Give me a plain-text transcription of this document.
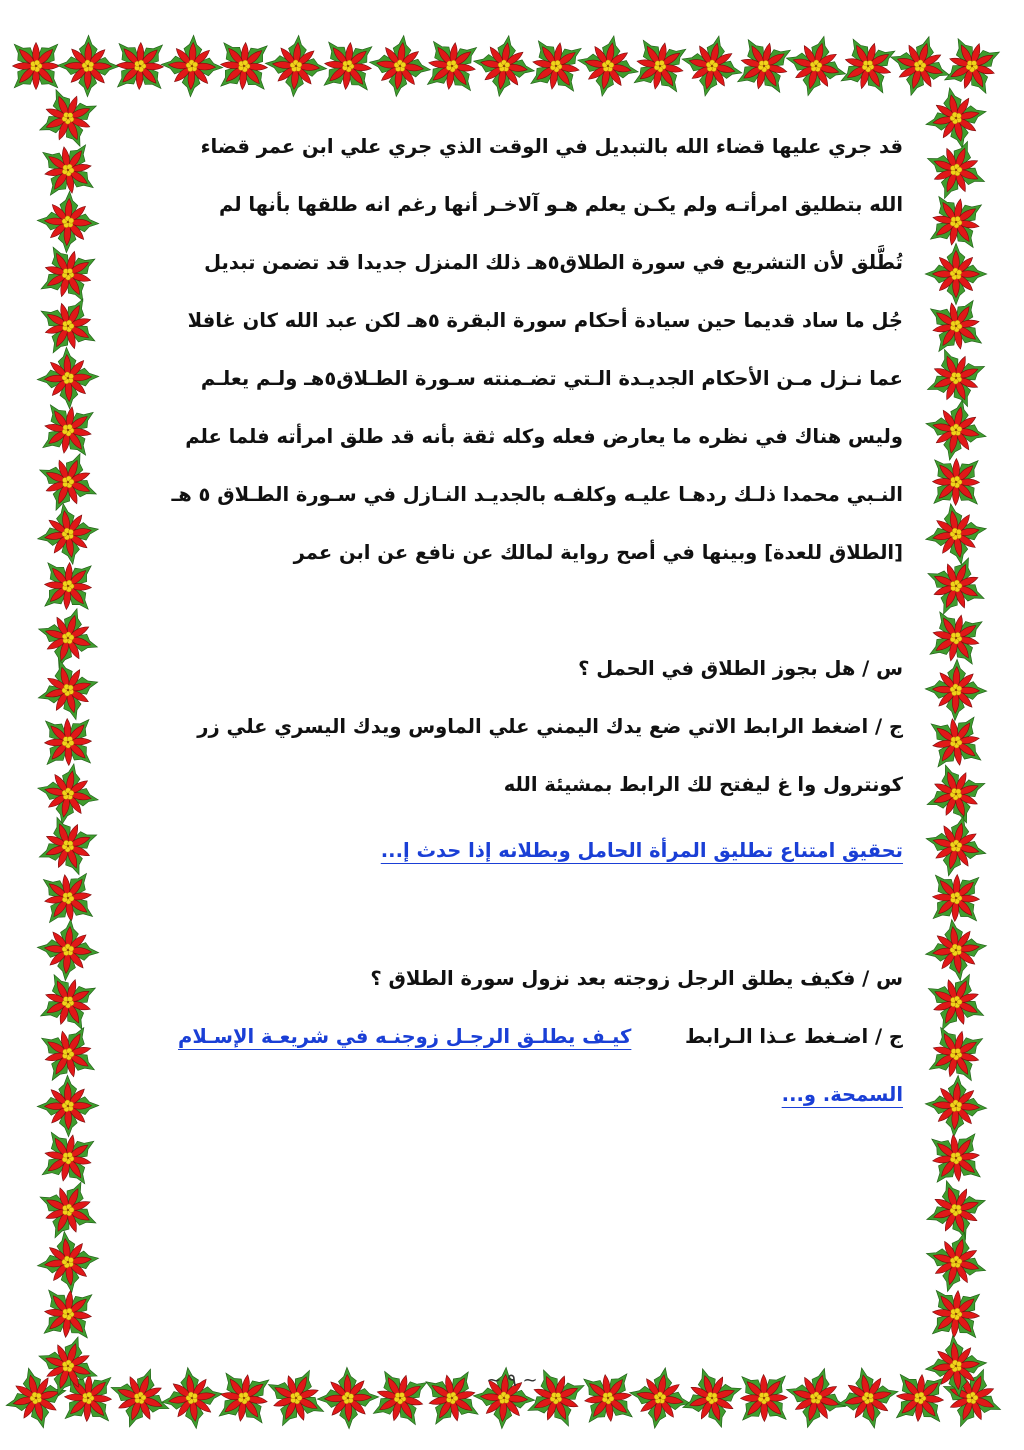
قد جري عليها قضاء الله بالتبديل في الوقت الذي جري علي ابن عمر قضاء
الله بتطليق امرأتـه ولم يكـن يعلم هـو آلاخـر أنها رغم انه طلقها بأنها لم
تُطَّلق لأن التشريع في سورة الطلاق٥هـ ذلك المنزل جديدا قد تضمن تبديل
جُل ما ساد قديما حين سيادة أحكام سورة البقرة ٥هـ لكن عبد الله كان غافلا
عما نـزل مـن الأحكام الجديـدة الـتي تضـمنته سـورة الطـلاق٥هـ ولـم يعلـم
وليس هناك في نظره ما يعارض فعله وكله ثقة بأنه قد طلق امرأته فلما علم
النـبي محمدا ذلـك ردهـا عليـه وكلفـه بالجديـد النـازل في سـورة الطـلاق ٥ هـ
[الطلاق للعدة] وبينها في أصح رواية لمالك عن نافع عن ابن عمر
س / هل بجوز الطلاق في الحمل ؟
ج / اضغط الرابط الاتي ضع يدك اليمني علي الماوس ويدك اليسري علي زر
كونترول وا غ ليفتح لك الرابط بمشيئة الله
تحقيق امتناع تطليق المرأة الحامل وبطلانه إذا حدث إ...
س / فكيف يطلق الرجل زوجته بعد نزول سورة الطلاق ؟
ج / اضـغط عـذا الـرابط  كيـف يطلـق الرجـل زوجنـه في شريعـة الإسـلام
السمحة. و...
~ ٩ ~
